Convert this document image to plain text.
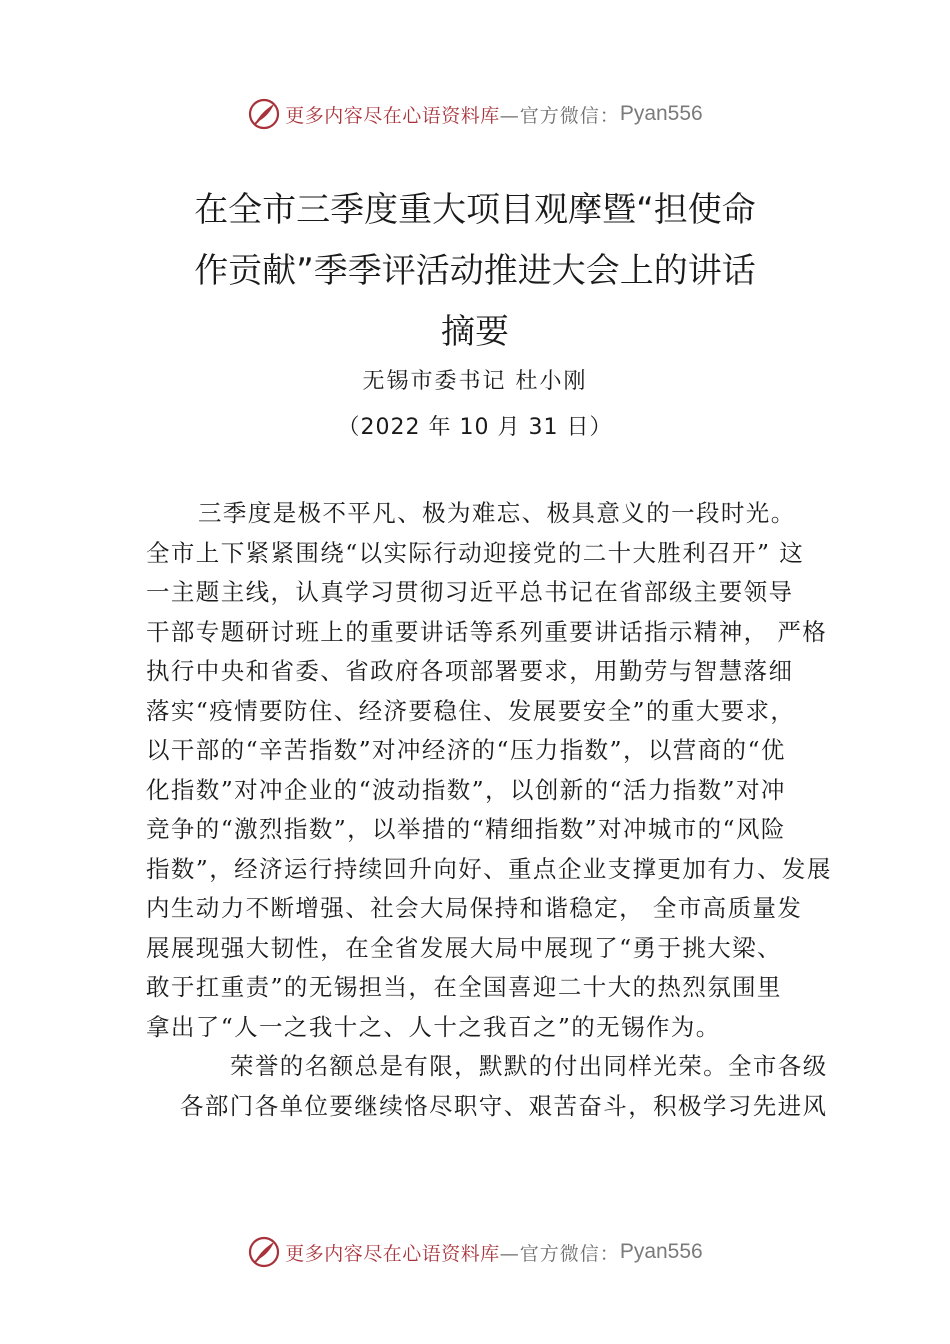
更多内容尽在心语资料库 —官方微信： Pyan556
在全市三季度重大项目观摩暨“担使命
作贡献”季季评活动推进大会上的讲话
摘要
无锡市委书记 杜小刚
（2022 年 10 月 31 日）
三季度是极不平凡、极为难忘、极具意义的一段时光。
全市上下紧紧围绕“以实际行动迎接党的二十大胜利召开” 这
一主题主线，认真学习贯彻习近平总书记在省部级主要领导
干部专题研讨班上的重要讲话等系列重要讲话指示精神， 严格
执行中央和省委、省政府各项部署要求，用勤劳与智慧落细
落实“疫情要防住、经济要稳住、发展要安全”的重大要求，
以干部的“辛苦指数”对冲经济的“压力指数”，以营商的“优
化指数”对冲企业的“波动指数”，以创新的“活力指数”对冲
竞争的“激烈指数”，以举措的“精细指数”对冲城市的“风险
指数”，经济运行持续回升向好、重点企业支撑更加有力、发展
内生动力不断增强、社会大局保持和谐稳定， 全市高质量发
展展现强大韧性，在全省发展大局中展现了“勇于挑大梁、
敢于扛重责”的无锡担当，在全国喜迎二十大的热烈氛围里
拿出了“人一之我十之、人十之我百之”的无锡作为。
荣誉的名额总是有限，默默的付出同样光荣。全市各级
各部门各单位要继续恪尽职守、艰苦奋斗，积极学习先进风
更多内容尽在心语资料库 —官方微信： Pyan556
